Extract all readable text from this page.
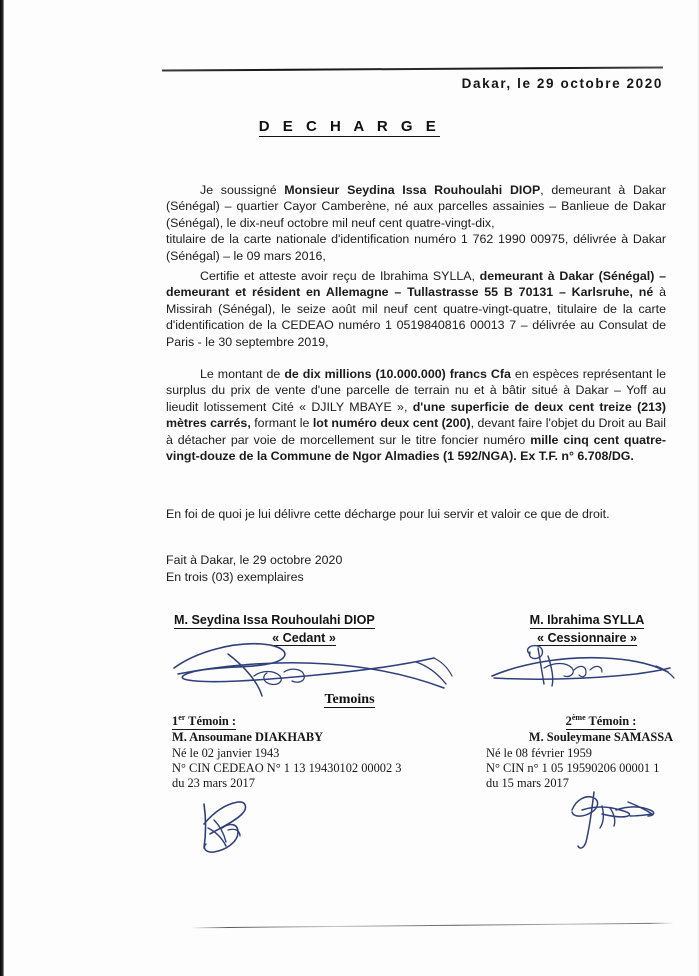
Dakar, le 29 octobre 2020
D E C H A R G E
Je soussigné Monsieur Seydina Issa Rouhoulahi DIOP, demeurant à Dakar (Sénégal) – quartier Cayor Camberène, né aux parcelles assainies – Banlieue de Dakar (Sénégal), le dix-neuf octobre mil neuf cent quatre-vingt-dix,
titulaire de la carte nationale d'identification numéro 1 762 1990 00975, délivrée à Dakar (Sénégal) – le 09 mars 2016,
Certifie et atteste avoir reçu de Ibrahima SYLLA, demeurant à Dakar (Sénégal) – demeurant et résident en Allemagne – Tullastrasse 55 B 70131 – Karlsruhe, né à Missirah (Sénégal), le seize août mil neuf cent quatre-vingt-quatre, titulaire de la carte d'identification de la CEDEAO numéro 1 0519840816 00013 7 – délivrée au Consulat de Paris - le 30 septembre 2019,
Le montant de de dix millions (10.000.000) francs Cfa en espèces représentant le surplus du prix de vente d'une parcelle de terrain nu et à bâtir situé à Dakar – Yoff au lieudit lotissement Cité « DJILY MBAYE », d'une superficie de deux cent treize (213) mètres carrés, formant le lot numéro deux cent (200), devant faire l'objet du Droit au Bail à détacher par voie de morcellement sur le titre foncier numéro mille cinq cent quatre-vingt-douze de la Commune de Ngor Almadies (1 592/NGA). Ex T.F. n° 6.708/DG.
En foi de quoi je lui délivre cette décharge pour lui servir et valoir ce que de droit.
Fait à Dakar, le 29 octobre 2020
En trois (03) exemplaires
M. Seydina Issa Rouhoulahi DIOP
« Cedant »
M. Ibrahima SYLLA
« Cessionnaire »
Temoins
1er Témoin :
M. Ansoumane DIAKHABY
Né le 02 janvier 1943
N° CIN CEDEAO N° 1 13 19430102 00002 3
du 23 mars 2017
2ème Témoin :
M. Souleymane SAMASSA
Né le 08 février 1959
N° CIN n° 1 05 19590206 00001 1
du 15 mars 2017
